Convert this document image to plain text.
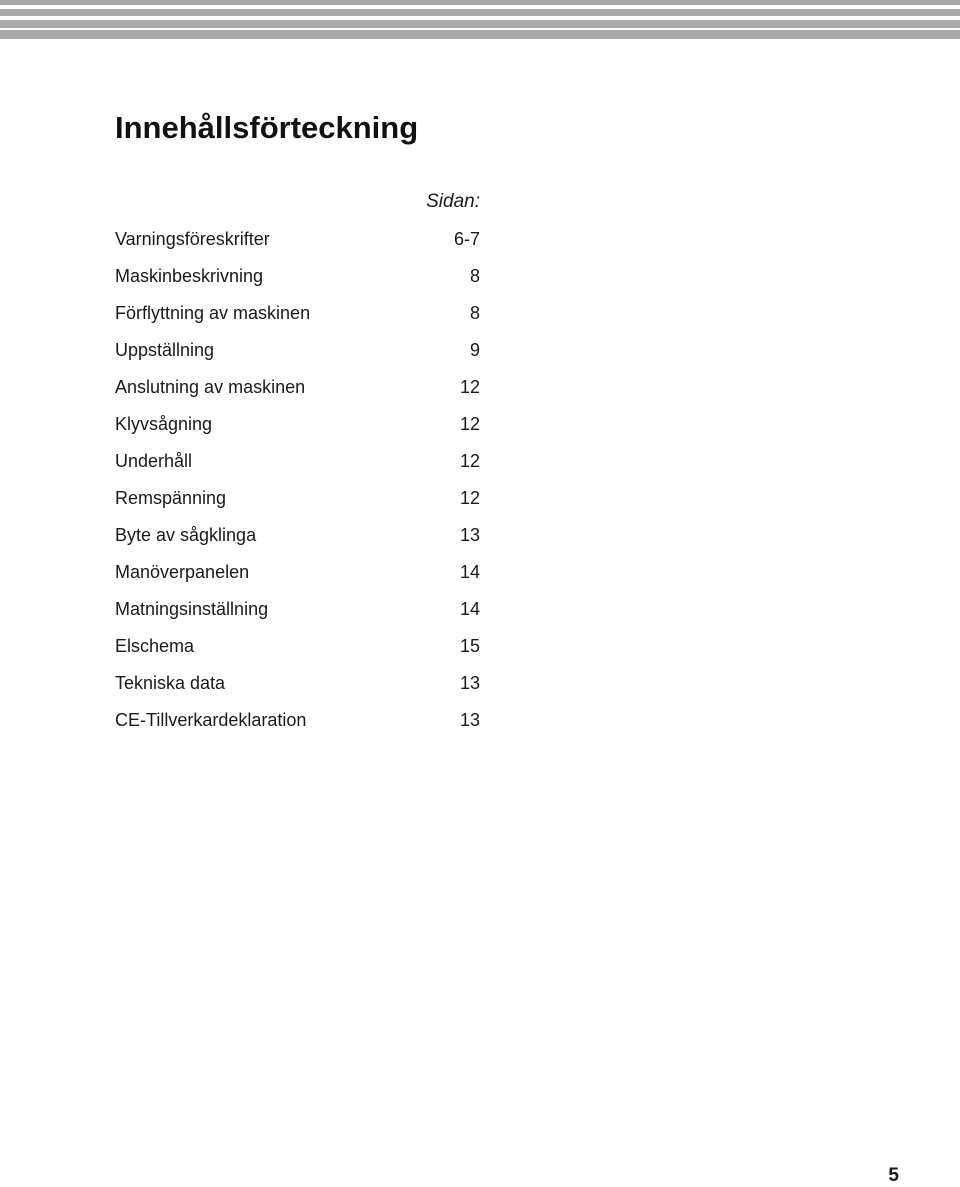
Innehållsförteckning
Sidan:
Varningsföreskrifter	6-7
Maskinbeskrivning	8
Förflyttning av maskinen	8
Uppställning	9
Anslutning av maskinen	12
Klyvsågning	12
Underhåll	12
Remspänning	12
Byte av sågklinga	13
Manöverpanelen	14
Matningsinställning	14
Elschema	15
Tekniska data	13
CE-Tillverkardeklaration	13
5
